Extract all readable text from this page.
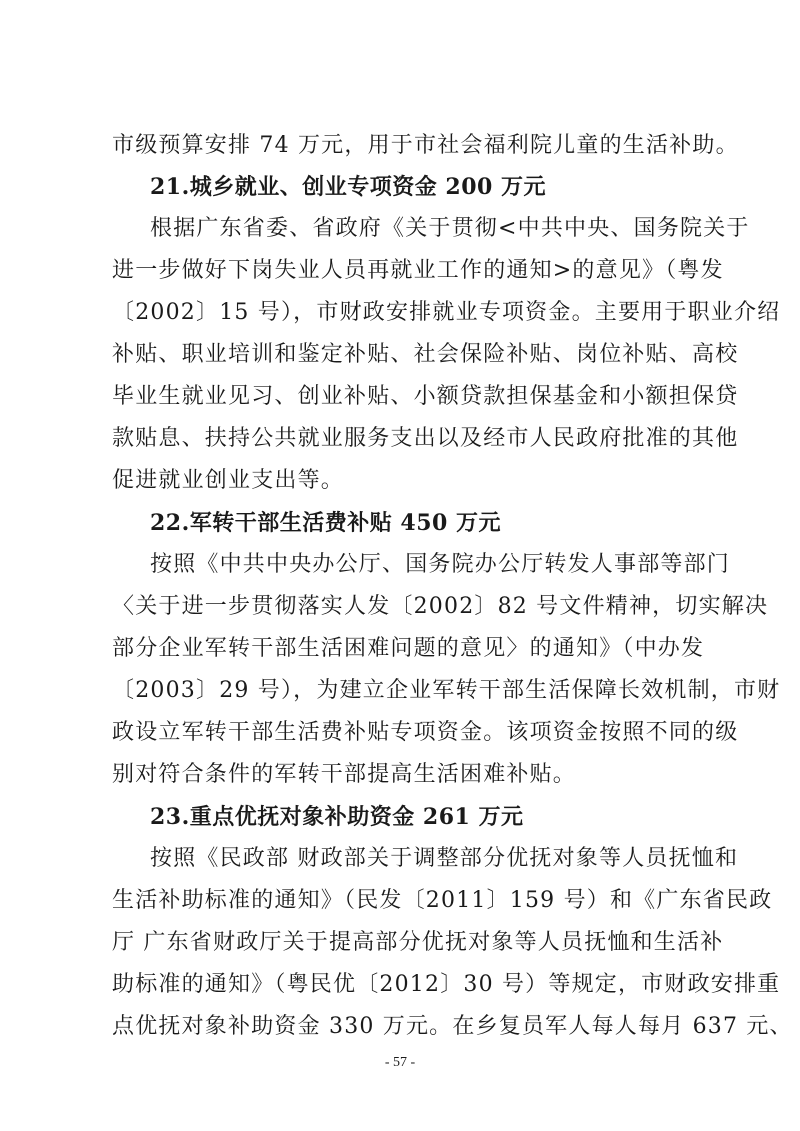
市级预算安排 74 万元，用于市社会福利院儿童的生活补助。
21.城乡就业、创业专项资金 200 万元
根据广东省委、省政府《关于贯彻<中共中央、国务院关于
进一步做好下岗失业人员再就业工作的通知>的意见》（粤发
〔2002〕15 号），市财政安排就业专项资金。主要用于职业介绍
补贴、职业培训和鉴定补贴、社会保险补贴、岗位补贴、高校
毕业生就业见习、创业补贴、小额贷款担保基金和小额担保贷
款贴息、扶持公共就业服务支出以及经市人民政府批准的其他
促进就业创业支出等。
22.军转干部生活费补贴 450 万元
按照《中共中央办公厅、国务院办公厅转发人事部等部门
〈关于进一步贯彻落实人发〔2002〕82 号文件精神，切实解决
部分企业军转干部生活困难问题的意见〉的通知》（中办发
〔2003〕29 号），为建立企业军转干部生活保障长效机制，市财
政设立军转干部生活费补贴专项资金。该项资金按照不同的级
别对符合条件的军转干部提高生活困难补贴。
23.重点优抚对象补助资金 261 万元
按照《民政部 财政部关于调整部分优抚对象等人员抚恤和
生活补助标准的通知》（民发〔2011〕159 号）和《广东省民政
厅 广东省财政厅关于提高部分优抚对象等人员抚恤和生活补
助标准的通知》（粤民优〔2012〕30 号）等规定，市财政安排重
点优抚对象补助资金 330 万元。在乡复员军人每人每月 637 元、
- 57 -
